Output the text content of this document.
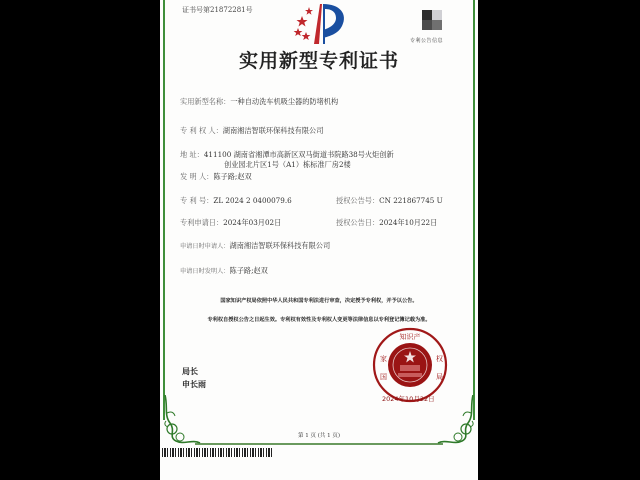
证书号第21872281号
专利公告信息
实用新型专利证书
实用新型名称：一种自动洗车机吸尘器的防堵机构
专 利 权 人：湖南湘洁智联环保科技有限公司
地 址：411100 湖南省湘潭市高新区双马街道书院路38号火炬创新
创业园北片区1号（A1）栋标准厂房2楼
发 明 人：陈子路;赵双
专 利 号：ZL 2024 2 0400079.6	授权公告号：CN 221867745 U
专利申请日：2024年03月02日	授权公告日：2024年10月22日
申请日时申请人：湖南湘洁智联环保科技有限公司
申请日时发明人：陈子路;赵双
国家知识产权局依照中华人民共和国专利法进行审查，决定授予专利权，并予以公告。
专利权自授权公告之日起生效。专利权有效性及专利权人变更等法律信息以专利登记簿记载为准。
局长
申长雨
知识产
家	权
国	局
2024年10月22日
第 1 页 (共 1 页)
